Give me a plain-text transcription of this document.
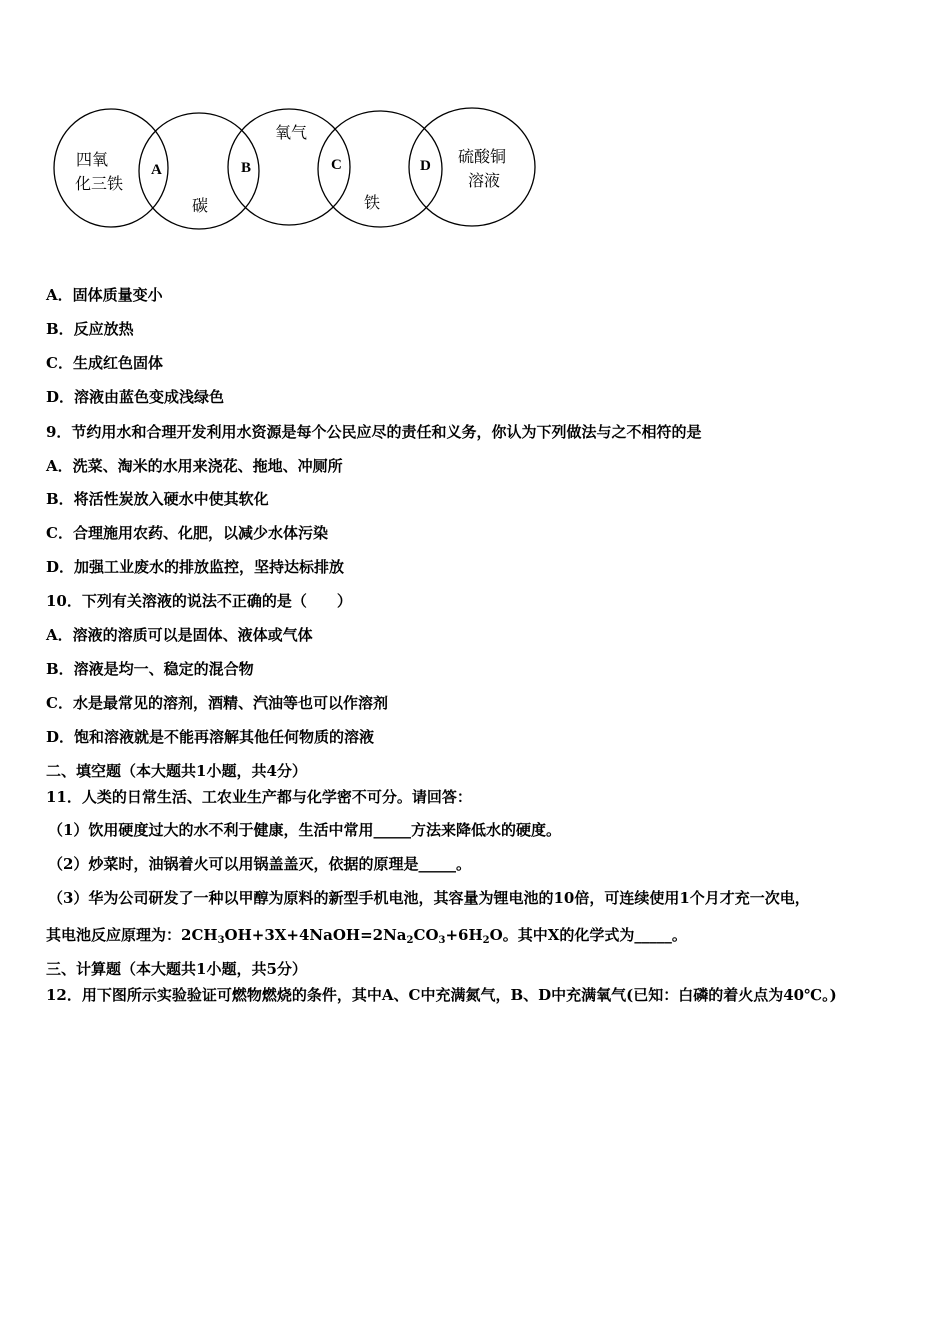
四氧
化三铁
A
碳
B
氧气
C
铁
D 硫酸铜
溶液
A．固体质量变小
B．反应放热
C．生成红色固体
D．溶液由蓝色变成浅绿色
9．节约用水和合理开发利用水资源是每个公民应尽的责任和义务，你认为下列做法与之不相符的是
A．洗菜、淘米的水用来浇花、拖地、冲厕所
B．将活性炭放入硬水中使其软化
C．合理施用农药、化肥，以减少水体污染
D．加强工业废水的排放监控，坚持达标排放
10．下列有关溶液的说法不正确的是（　　）
A．溶液的溶质可以是固体、液体或气体
B．溶液是均一、稳定的混合物
C．水是最常见的溶剂，酒精、汽油等也可以作溶剂
D．饱和溶液就是不能再溶解其他任何物质的溶液
二、填空题（本大题共1小题，共4分）
11．人类的日常生活、工农业生产都与化学密不可分。请回答：
（1）饮用硬度过大的水不利于健康，生活中常用_____方法来降低水的硬度。
（2）炒菜时，油锅着火可以用锅盖盖灭，依据的原理是_____。
（3）华为公司研发了一种以甲醇为原料的新型手机电池，其容量为锂电池的10倍，可连续使用1个月才充一次电，
其电池反应原理为：$2CH_3OH+3X+4NaOH=2Na_2CO_3+6H_2O$。其中X的化学式为_____。
三、计算题（本大题共1小题，共5分）
12．用下图所示实验验证可燃物燃烧的条件，其中A、C中充满氮气，B、D中充满氧气(已知：白磷的着火点为40℃。)
